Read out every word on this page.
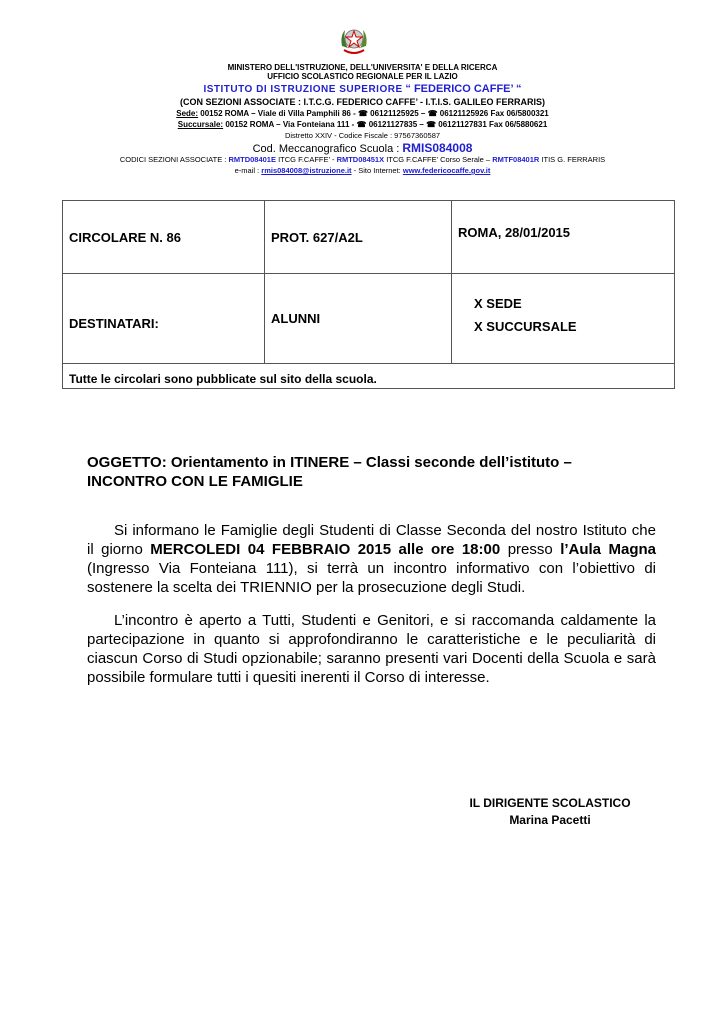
MINISTERO DELL'ISTRUZIONE, DELL'UNIVERSITA' E DELLA RICERCA
UFFICIO SCOLASTICO REGIONALE PER IL LAZIO
ISTITUTO DI ISTRUZIONE SUPERIORE “ FEDERICO CAFFE’ “
(CON SEZIONI ASSOCIATE : I.T.C.G. FEDERICO CAFFE’ - I.T.I.S. GALILEO FERRARIS)
Sede: 00152 ROMA – Viale di Villa Pamphili 86 - ☎ 06121125925 – ☎ 06121125926 Fax 06/5800321
Succursale: 00152 ROMA – Via Fonteiana 111 - ☎ 06121127835 – ☎ 06121127831 Fax 06/5880621
Distretto XXIV - Codice Fiscale : 97567360587
Cod. Meccanografico Scuola : RMIS084008
CODICI SEZIONI ASSOCIATE : RMTD08401E ITCG F.CAFFE’ - RMTD08451X ITCG F.CAFFE’ Corso Serale – RMTF08401R ITIS G. FERRARIS
e-mail : rmis084008@istruzione.it - Sito Internet: www.federicocaffe.gov.it
CIRCOLARE N. 86	PROT. 627/A2L	ROMA, 28/01/2015
DESTINATARI:	ALUNNI	X SEDE
X SUCCURSALE

Tutte le circolari sono pubblicate sul sito della scuola.		
OGGETTO: Orientamento in ITINERE – Classi seconde dell’istituto –
INCONTRO CON LE FAMIGLIE
Si informano le Famiglie degli Studenti di Classe Seconda del nostro Istituto che il giorno MERCOLEDI 04 FEBBRAIO 2015 alle ore 18:00 presso l’Aula Magna (Ingresso Via Fonteiana 111), si terrà un incontro informativo con l’obiettivo di sostenere la scelta dei TRIENNIO per la prosecuzione degli Studi.
L’incontro è aperto a Tutti, Studenti e Genitori, e si raccomanda caldamente la partecipazione in quanto si approfondiranno le caratteristiche e le peculiarità di ciascun Corso di Studi opzionabile; saranno presenti vari Docenti della Scuola e sarà possibile formulare tutti i quesiti inerenti il Corso di interesse.
IL DIRIGENTE SCOLASTICO
Marina Pacetti
